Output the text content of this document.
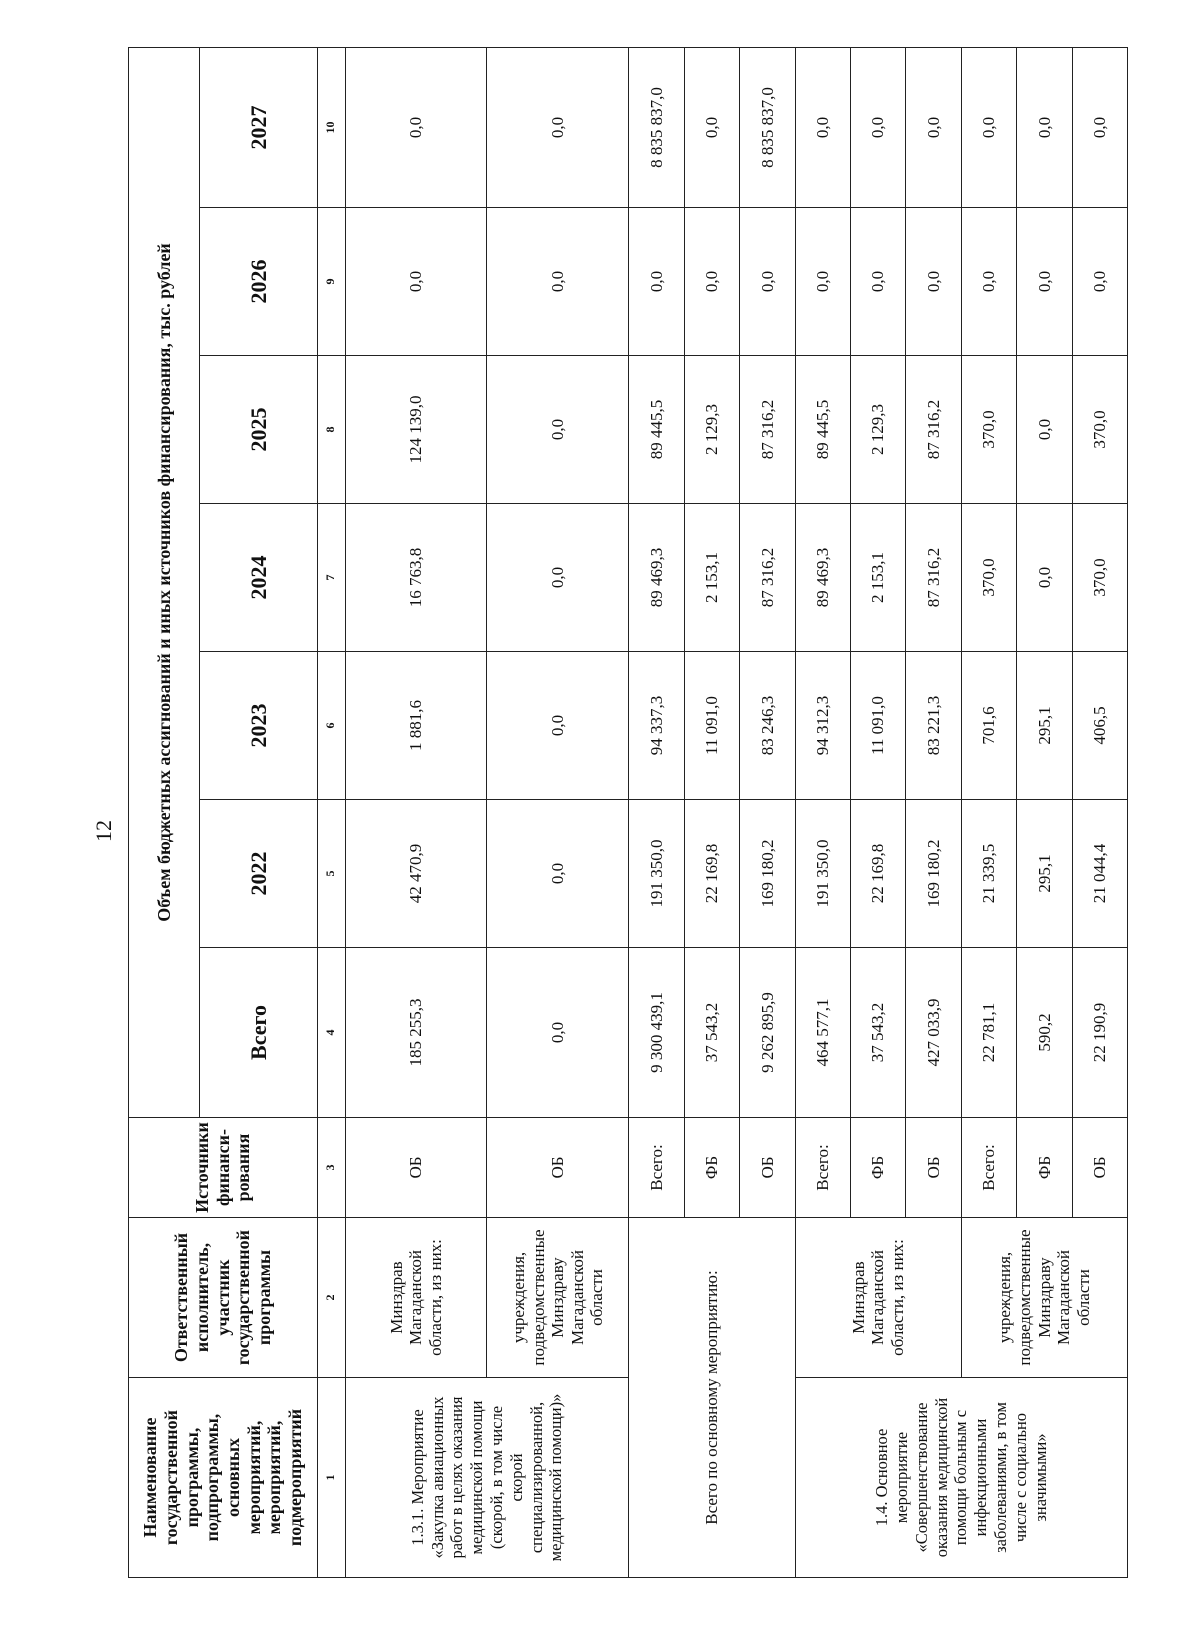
12
Наименование государственной программы, подпрограммы, основных мероприятий, мероприятий, подмероприятий	Ответственный исполнитель, участник государственной программы	Источники финанси-рования	Объем бюджетных ассигнований и иных источников финансирования, тыс. рублей						
			Всего	2022	2023	2024	2025	2026	2027
1	2	3	4	5	6	7	8	9	10
1.3.1. Мероприятие «Закупка авиационных работ в целях оказания медицинской помощи (скорой, в том числе скорой специализированной, медицинской помощи)»	Минздрав Магаданской области, из них:	ОБ	185 255,3	42 470,9	1 881,6	16 763,8	124 139,0	0,0	0,0
	учреждения, подведомственные Минздраву Магаданской области	ОБ	0,0	0,0	0,0	0,0	0,0	0,0	0,0
Всего по основному мероприятию:		Всего:	9 300 439,1	191 350,0	94 337,3	89 469,3	89 445,5	0,0	8 835 837,0
		ФБ	37 543,2	22 169,8	11 091,0	2 153,1	2 129,3	0,0	0,0
		ОБ	9 262 895,9	169 180,2	83 246,3	87 316,2	87 316,2	0,0	8 835 837,0
1.4. Основное мероприятие «Совершенствование оказания медицинской помощи больным с инфекционными заболеваниями, в том числе с социально значимыми»	Минздрав Магаданской области, из них:	Всего:	464 577,1	191 350,0	94 312,3	89 469,3	89 445,5	0,0	0,0
		ФБ	37 543,2	22 169,8	11 091,0	2 153,1	2 129,3	0,0	0,0
		ОБ	427 033,9	169 180,2	83 221,3	87 316,2	87 316,2	0,0	0,0
	учреждения, подведомственные Минздраву Магаданской области	Всего:	22 781,1	21 339,5	701,6	370,0	370,0	0,0	0,0
		ФБ	590,2	295,1	295,1	0,0	0,0	0,0	0,0
		ОБ	22 190,9	21 044,4	406,5	370,0	370,0	0,0	0,0
